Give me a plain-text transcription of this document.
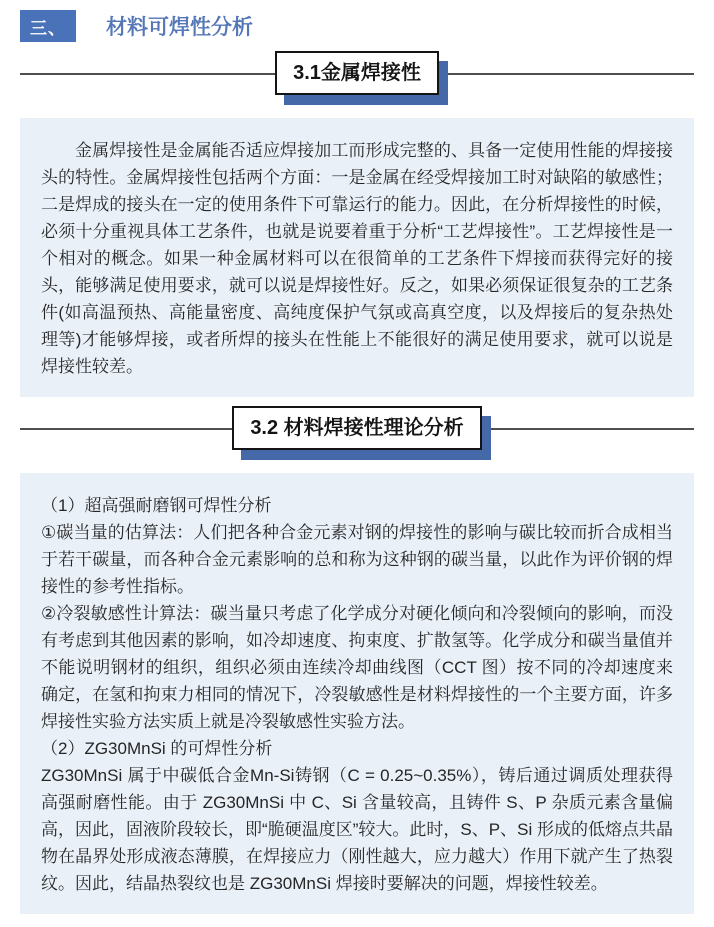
三、	材料可焊性分析
3.1金属焊接性

金属焊接性是金属能否适应焊接加工而形成完整的、具备一定使用性能的焊接接头的特性。金属焊接性包括两个方面：一是金属在经受焊接加工时对缺陷的敏感性；二是焊成的接头在一定的使用条件下可靠运行的能力。因此，在分析焊接性的时候，必须十分重视具体工艺条件，也就是说要着重于分析“工艺焊接性”。工艺焊接性是一个相对的概念。如果一种金属材料可以在很简单的工艺条件下焊接而获得完好的接头，能够满足使用要求，就可以说是焊接性好。反之，如果必须保证很复杂的工艺条件(如高温预热、高能量密度、高纯度保护气氛或高真空度，以及焊接后的复杂热处理等)才能够焊接，或者所焊的接头在性能上不能很好的满足使用要求，就可以说是焊接性较差。

3.2 材料焊接性理论分析

（1）超高强耐磨钢可焊性分析

①碳当量的估算法：人们把各种合金元素对钢的焊接性的影响与碳比较而折合成相当于若干碳量，而各种合金元素影响的总和称为这种钢的碳当量，以此作为评价钢的焊接性的参考性指标。

②冷裂敏感性计算法：碳当量只考虑了化学成分对硬化倾向和冷裂倾向的影响，而没有考虑到其他因素的影响，如冷却速度、拘束度、扩散氢等。化学成分和碳当量值并不能说明钢材的组织，组织必须由连续冷却曲线图（CCT 图）按不同的冷却速度来确定，在氢和拘束力相同的情况下，冷裂敏感性是材料焊接性的一个主要方面，许多焊接性实验方法实质上就是冷裂敏感性实验方法。

（2）ZG30MnSi 的可焊性分析

ZG30MnSi 属于中碳低合金Mn-Si铸钢（C = 0.25~0.35%），铸后通过调质处理获得高强耐磨性能。由于 ZG30MnSi 中 C、Si 含量较高，且铸件 S、P 杂质元素含量偏高，因此，固液阶段较长，即“脆硬温度区”较大。此时，S、P、Si 形成的低熔点共晶物在晶界处形成液态薄膜，在焊接应力（刚性越大，应力越大）作用下就产生了热裂纹。因此，结晶热裂纹也是 ZG30MnSi 焊接时要解决的问题，焊接性较差。
